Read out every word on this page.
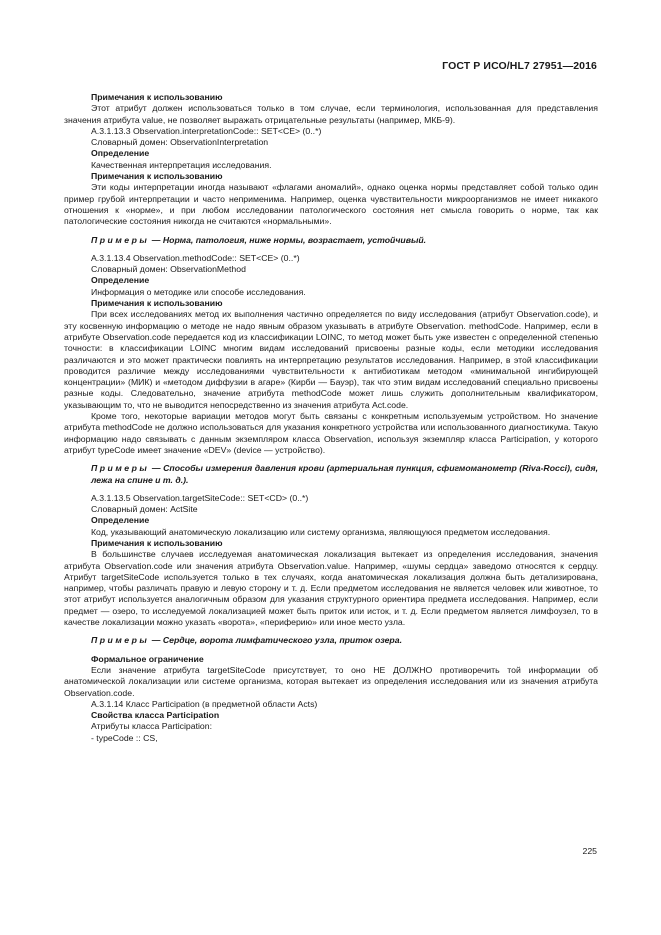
ГОСТ Р ИСО/HL7 27951—2016

Примечания к использованию

Этот атрибут должен использоваться только в том случае, если терминология, использованная для представления значения атрибута value, не позволяет выражать отрицательные результаты (например, МКБ-9).

A.3.1.13.3 Observation.interpretationCode:: SET<CE> (0..*)

Словарный домен: ObservationInterpretation

Определение

Качественная интерпретация исследования.

Примечания к использованию

Эти коды интерпретации иногда называют «флагами аномалий», однако оценка нормы представляет собой только один пример грубой интерпретации и часто неприменима. Например, оценка чувствительности микроорганизмов не имеет никакого отношения к «норме», и при любом исследовании патологического состояния нет смысла говорить о норме, так как патологические состояния никогда не считаются «нормальными».

Примеры — Норма, патология, ниже нормы, возрастает, устойчивый.

A.3.1.13.4 Observation.methodCode:: SET<CE> (0..*)

Словарный домен: ObservationMethod

Определение

Информация о методике или способе исследования.

Примечания к использованию

При всех исследованиях метод их выполнения частично определяется по виду исследования (атрибут Observation.code), и эту косвенную информацию о методе не надо явным образом указывать в атрибуте Observation. methodCode. Например, если в атрибуте Observation.code передается код из классификации LOINC, то метод может быть уже известен с определенной степенью точности: в классификации LOINC многим видам исследований присвоены разные коды, если методики исследования различаются и это может практически повлиять на интерпретацию результатов исследования. Например, в этой классификации проводится различие между исследованиями чувствительности к антибиотикам методом «минимальной ингибирующей концентрации» (МИК) и «методом диффузии в агаре» (Кирби — Бауэр), так что этим видам исследований специально присвоены разные коды. Следовательно, значение атрибута methodCode может лишь служить дополнительным квалификатором, указывающим то, что не выводится непосредственно из значения атрибута Act.code.

Кроме того, некоторые вариации методов могут быть связаны с конкретным используемым устройством. Но значение атрибута methodCode не должно использоваться для указания конкретного устройства или использованного диагностикума. Такую информацию надо связывать с данным экземпляром класса Observation, используя экземпляр класса Participation, у которого атрибут typeCode имеет значение «DEV» (device — устройство).

Примеры — Способы измерения давления крови (артериальная пункция, сфигмоманометр (Riva-Rocci), сидя, лежа на спине и т. д.).

A.3.1.13.5 Observation.targetSiteCode:: SET<CD> (0..*)

Словарный домен: ActSite

Определение

Код, указывающий анатомическую локализацию или систему организма, являющуюся предметом исследования.

Примечания к использованию

В большинстве случаев исследуемая анатомическая локализация вытекает из определения исследования, значения атрибута Observation.code или значения атрибута Observation.value. Например, «шумы сердца» заведомо относятся к сердцу. Атрибут targetSiteCode используется только в тех случаях, когда анатомическая локализация должна быть детализирована, например, чтобы различать правую и левую сторону и т. д. Если предметом исследования не является человек или животное, то этот атрибут используется аналогичным образом для указания структурного ориентира предмета исследования. Например, если предмет — озеро, то исследуемой локализацией может быть приток или исток, и т. д. Если предметом является лимфоузел, то в качестве локализации можно указать «ворота», «периферию» или иное место узла.

Примеры — Сердце, ворота лимфатического узла, приток озера.

Формальное ограничение

Если значение атрибута targetSiteCode присутствует, то оно НЕ ДОЛЖНО противоречить той информации об анатомической локализации или системе организма, которая вытекает из определения исследования или из значения атрибута Observation.code.

A.3.1.14 Класс Participation (в предметной области Acts)

Свойства класса Participation

Атрибуты класса Participation:

- typeCode :: CS,

225
